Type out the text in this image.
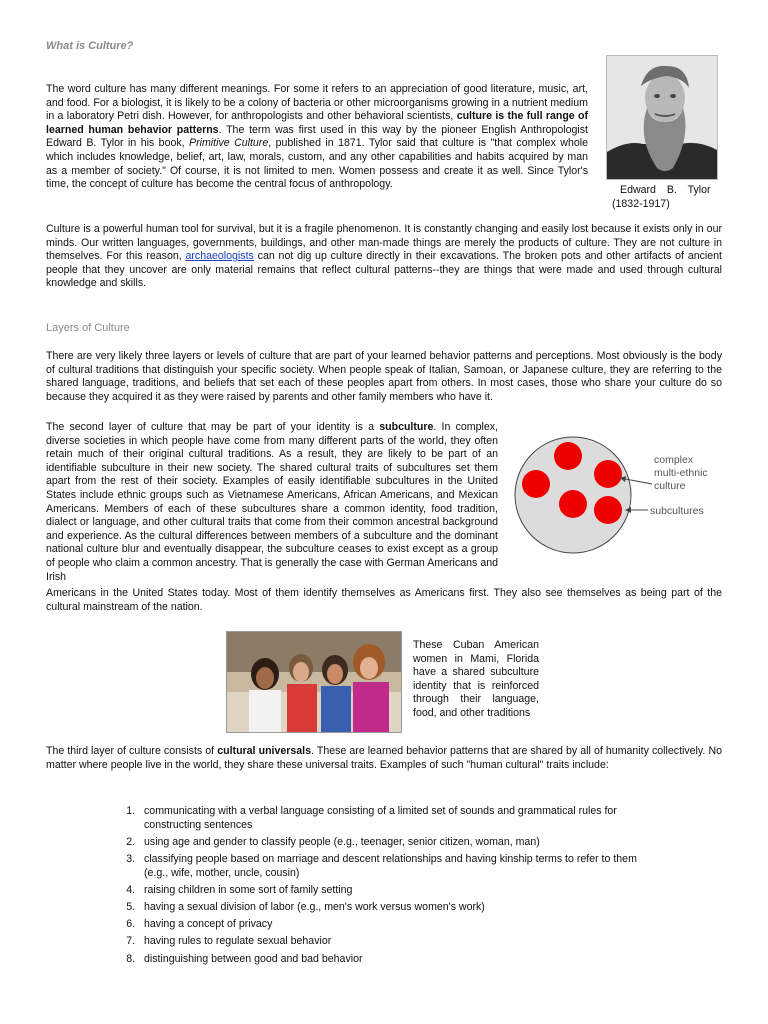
What is Culture?
The word culture has many different meanings. For some it refers to an appreciation of good literature, music, art, and food. For a biologist, it is likely to be a colony of bacteria or other microorganisms growing in a nutrient medium in a laboratory Petri dish. However, for anthropologists and other behavioral scientists, culture is the full range of learned human behavior patterns. The term was first used in this way by the pioneer English Anthropologist Edward B. Tylor in his book, Primitive Culture, published in 1871. Tylor said that culture is "that complex whole which includes knowledge, belief, art, law, morals, custom, and any other capabilities and habits acquired by man as a member of society." Of course, it is not limited to men. Women possess and create it as well. Since Tylor's time, the concept of culture has become the central focus of anthropology.	Edward B. Tylor
(1832-1917)
Culture is a powerful human tool for survival, but it is a fragile phenomenon. It is constantly changing and easily lost because it exists only in our minds. Our written languages, governments, buildings, and other man-made things are merely the products of culture. They are not culture in themselves. For this reason, archaeologists can not dig up culture directly in their excavations. The broken pots and other artifacts of ancient people that they uncover are only material remains that reflect cultural patterns--they are things that were made and used through cultural knowledge and skills.
Layers of Culture
There are very likely three layers or levels of culture that are part of your learned behavior patterns and perceptions. Most obviously is the body of cultural traditions that distinguish your specific society. When people speak of Italian, Samoan, or Japanese culture, they are referring to the shared language, traditions, and beliefs that set each of these peoples apart from others. In most cases, those who share your culture do so because they acquired it as they were raised by parents and other family members who have it.
The second layer of culture that may be part of your identity is a subculture. In complex, diverse societies in which people have come from many different parts of the world, they often retain much of their original cultural traditions. As a result, they are likely to be part of an identifiable subculture in their new society. The shared cultural traits of subcultures set them apart from the rest of their society. Examples of easily identifiable subcultures in the United States include ethnic groups such as Vietnamese Americans, African Americans, and Mexican Americans. Members of each of these subcultures share a common identity, food tradition, dialect or language, and other cultural traits that come from their common ancestral background and experience. As the cultural differences between members of a subculture and the dominant national culture blur and eventually disappear, the subculture ceases to exist except as a group of people who claim a common ancestry. That is generally the case with German Americans and Irish
Americans in the United States today. Most of them identify themselves as Americans first. They also see themselves as being part of the cultural mainstream of the nation.
complex
multi-ethnic
culture
subcultures
These Cuban American women in Mami, Florida have a shared subculture identity that is reinforced through their language, food, and other traditions
The third layer of culture consists of cultural universals. These are learned behavior patterns that are shared by all of humanity collectively. No matter where people live in the world, they share these universal traits. Examples of such "human cultural" traits include:
1. communicating with a verbal language consisting of a limited set of sounds and grammatical rules for constructing sentences
2. using age and gender to classify people (e.g., teenager, senior citizen, woman, man)
3. classifying people based on marriage and descent relationships and having kinship terms to refer to them (e.g., wife, mother, uncle, cousin)
4. raising children in some sort of family setting
5. having a sexual division of labor (e.g., men's work versus women's work)
6. having a concept of privacy
7. having rules to regulate sexual behavior
8. distinguishing between good and bad behavior
